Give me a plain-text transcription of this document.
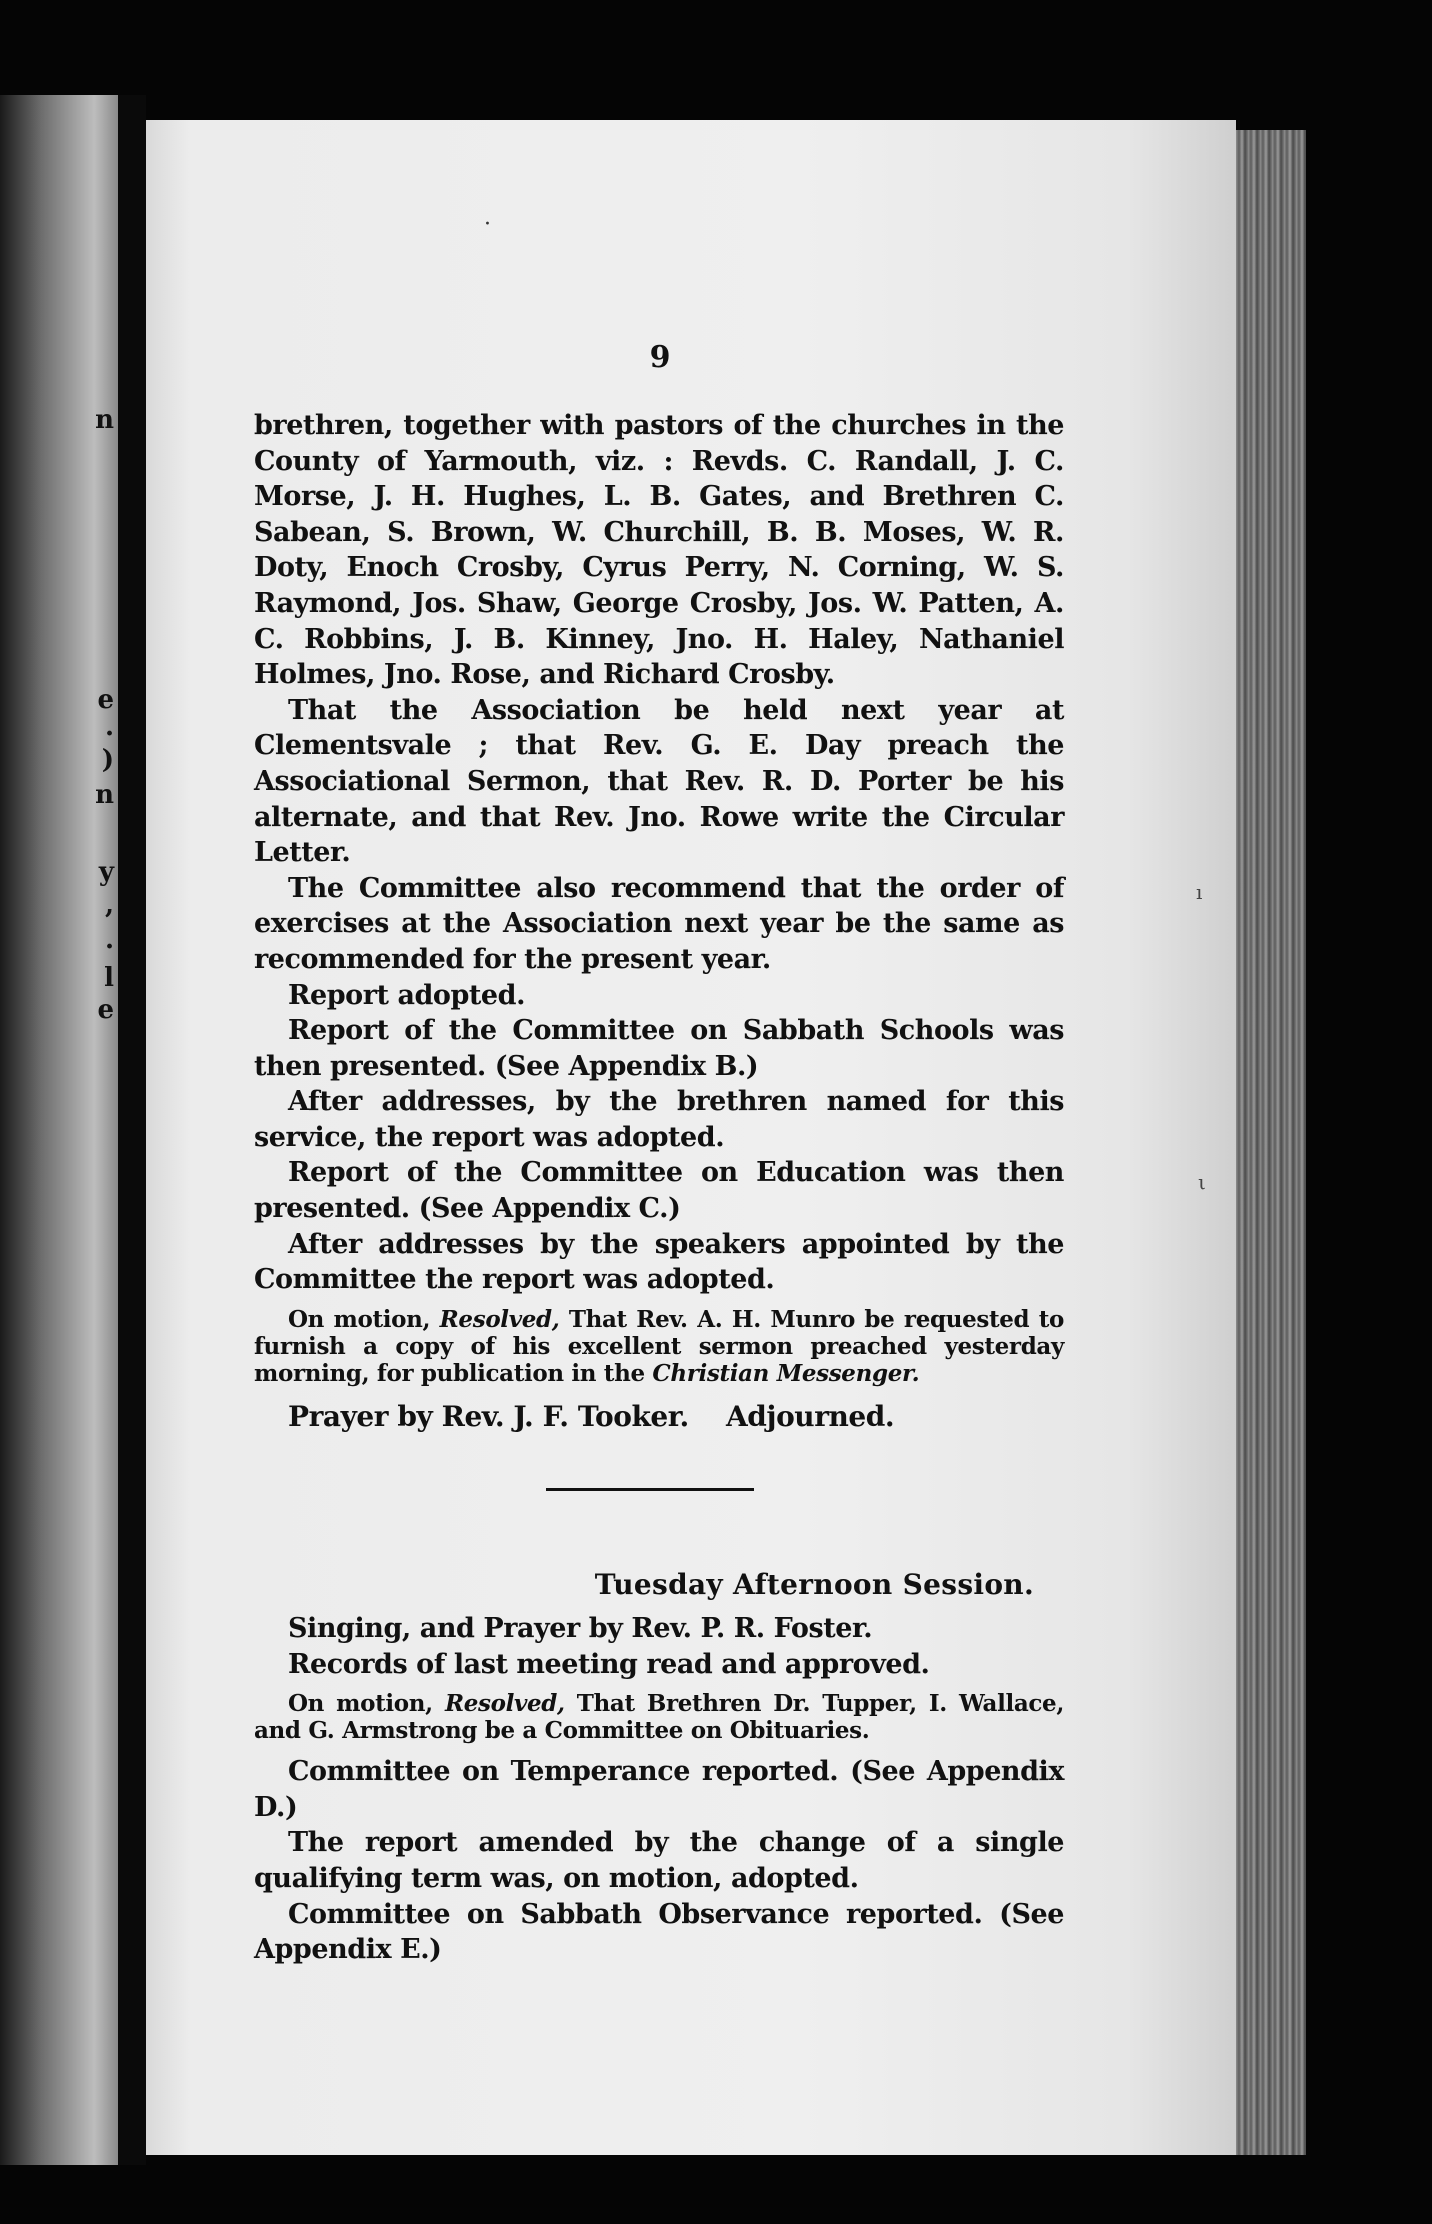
n
e
.
)
n
y
,
.
l
e
·
ı
ι
9

brethren, together with pastors of the churches in the County of Yarmouth, viz. : Revds. C. Randall, J. C. Morse, J. H. Hughes, L. B. Gates, and Brethren C. Sabean, S. Brown, W. Churchill, B. B. Moses, W. R. Doty, Enoch Crosby, Cyrus Perry, N. Corning, W. S. Raymond, Jos. Shaw, George Crosby, Jos. W. Patten, A. C. Robbins, J. B. Kinney, Jno. H. Haley, Nathaniel Holmes, Jno. Rose, and Richard Crosby.

That the Association be held next year at Clementsvale ; that Rev. G. E. Day preach the Associational Sermon, that Rev. R. D. Porter be his alternate, and that Rev. Jno. Rowe write the Circular Letter.

The Committee also recommend that the order of exercises at the Association next year be the same as recommended for the present year.

Report adopted.

Report of the Committee on Sabbath Schools was then presented. (See Appendix B.)

After addresses, by the brethren named for this service, the report was adopted.

Report of the Committee on Education was then presented. (See Appendix C.)

After addresses by the speakers appointed by the Committee the report was adopted.

On motion, Resolved, That Rev. A. H. Munro be requested to furnish a copy of his excellent sermon preached yesterday morning, for publication in the Christian Messenger.

Prayer by Rev. J. F. Tooker.    Adjourned.

Tuesday Afternoon Session.

Singing, and Prayer by Rev. P. R. Foster.

Records of last meeting read and approved.

On motion, Resolved, That Brethren Dr. Tupper, I. Wallace, and G. Armstrong be a Committee on Obituaries.

Committee on Temperance reported. (See Appendix D.)

The report amended by the change of a single qualifying term was, on motion, adopted.

Committee on Sabbath Observance reported. (See Appendix E.)
